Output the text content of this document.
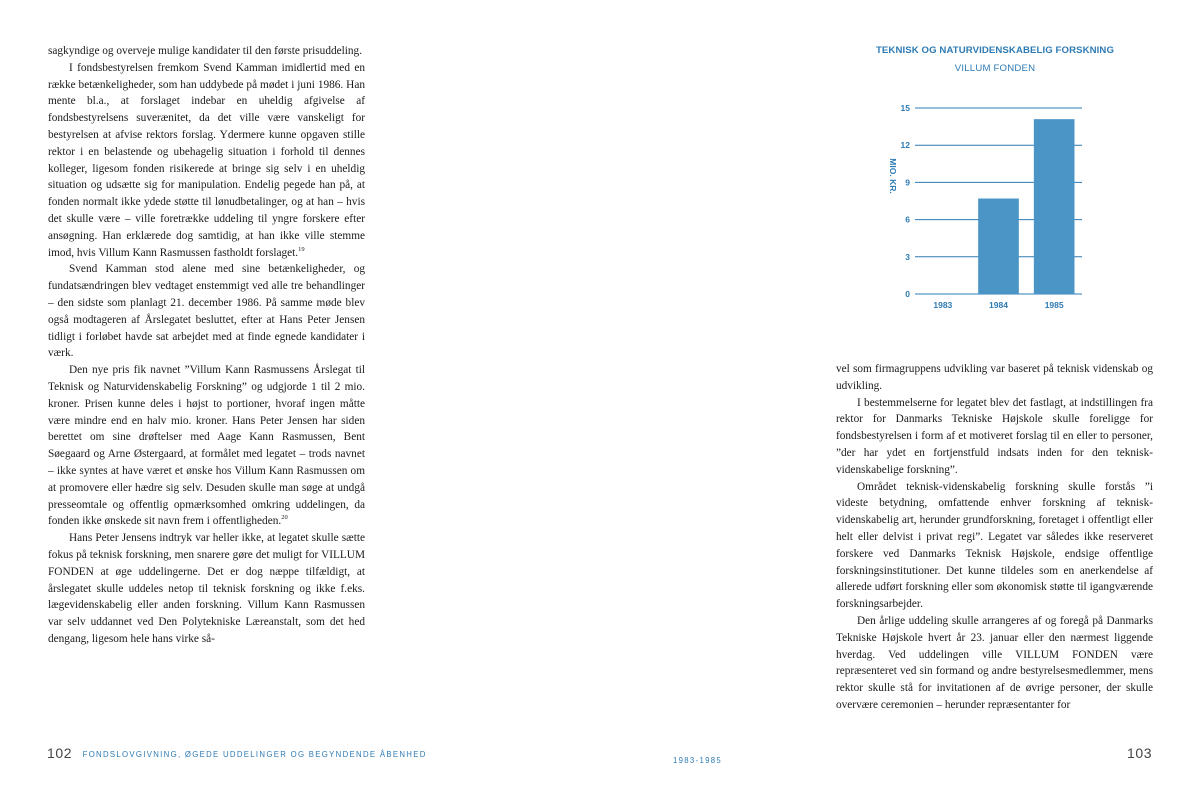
sagkyndige og overveje mulige kandidater til den første prisuddeling.

I fondsbestyrelsen fremkom Svend Kamman imidlertid med en række betænkeligheder, som han uddybede på mødet i juni 1986. Han mente bl.a., at forslaget indebar en uheldig afgivelse af fondsbestyrelsens suverænitet, da det ville være vanskeligt for bestyrelsen at afvise rektors forslag. Ydermere kunne opgaven stille rektor i en belastende og ubehagelig situation i forhold til dennes kolleger, ligesom fonden risikerede at bringe sig selv i en uheldig situation og udsætte sig for manipulation. Endelig pegede han på, at fonden normalt ikke ydede støtte til lønudbetalinger, og at han – hvis det skulle være – ville foretrække uddeling til yngre forskere efter ansøgning. Han erklærede dog samtidig, at han ikke ville stemme imod, hvis Villum Kann Rasmussen fastholdt forslaget.$^{19}$

Svend Kamman stod alene med sine betænkeligheder, og fundatsændringen blev vedtaget enstemmigt ved alle tre behandlinger – den sidste som planlagt 21. december 1986. På samme møde blev også modtageren af Årslegatet besluttet, efter at Hans Peter Jensen tidligt i forløbet havde sat arbejdet med at finde egnede kandidater i værk.

Den nye pris fik navnet ”Villum Kann Rasmussens Årslegat til Teknisk og Naturvidenskabelig Forskning” og udgjorde 1 til 2 mio. kroner. Prisen kunne deles i højst to portioner, hvoraf ingen måtte være mindre end en halv mio. kroner. Hans Peter Jensen har siden berettet om sine drøftelser med Aage Kann Rasmussen, Bent Søegaard og Arne Østergaard, at formålet med legatet – trods navnet – ikke syntes at have været et ønske hos Villum Kann Rasmussen om at promovere eller hædre sig selv. Desuden skulle man søge at undgå presseomtale og offentlig opmærksomhed omkring uddelingen, da fonden ikke ønskede sit navn frem i offentligheden.$^{20}$

Hans Peter Jensens indtryk var heller ikke, at legatet skulle sætte fokus på teknisk forskning, men snarere gøre det muligt for VILLUM FONDEN at øge uddelingerne. Det er dog næppe tilfældigt, at årslegatet skulle uddeles netop til teknisk forskning og ikke f.eks. lægevidenskabelig eller anden forskning. Villum Kann Rasmussen var selv uddannet ved Den Polytekniske Læreanstalt, som det hed dengang, ligesom hele hans virke så-

TEKNISK OG NATURVIDENSKABELIG FORSKNING
VILLUM FONDEN
0
3
6
9
12
15
MIO. KR.
1983	1984	1985

vel som firmagruppens udvikling var baseret på teknisk videnskab og udvikling.

I bestemmelserne for legatet blev det fastlagt, at indstillingen fra rektor for Danmarks Tekniske Højskole skulle foreligge for fondsbestyrelsen i form af et motiveret forslag til en eller to personer, ”der har ydet en fortjenstfuld indsats inden for den teknisk-videnskabelige forskning”.

Området teknisk-videnskabelig forskning skulle forstås ”i videste betydning, omfattende enhver forskning af teknisk-videnskabelig art, herunder grundforskning, foretaget i offentligt eller helt eller delvist i privat regi”. Legatet var således ikke reserveret forskere ved Danmarks Teknisk Højskole, endsige offentlige forskningsinstitutioner. Det kunne tildeles som en anerkendelse af allerede udført forskning eller som økonomisk støtte til igangværende forskningsarbejder.

Den årlige uddeling skulle arrangeres af og foregå på Danmarks Tekniske Højskole hvert år 23. januar eller den nærmest liggende hverdag. Ved uddelingen ville VILLUM FONDEN være repræsenteret ved sin formand og andre bestyrelsesmedlemmer, mens rektor skulle stå for invitationen af de øvrige personer, der skulle overvære ceremonien – herunder repræsentanter for

102 FONDSLOVGIVNING, ØGEDE UDDELINGER OG BEGYNDENDE ÅBENHED
1983-1985	103
